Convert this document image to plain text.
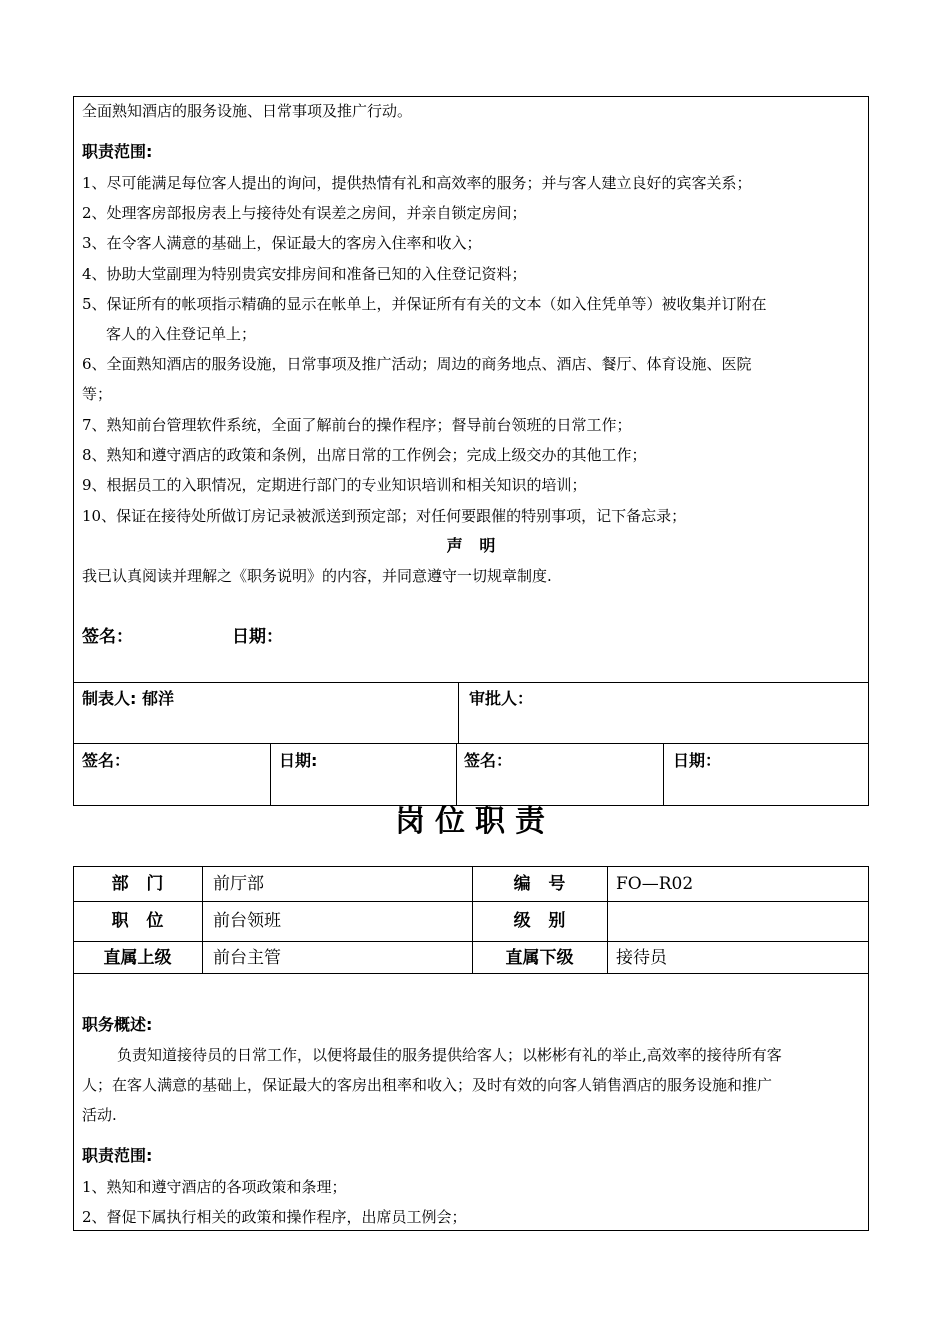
全面熟知酒店的服务设施、日常事项及推广行动。
职责范围:
1、尽可能满足每位客人提出的询问，提供热情有礼和高效率的服务；并与客人建立良好的宾客关系；
2、处理客房部报房表上与接待处有误差之房间，并亲自锁定房间；
3、在令客人满意的基础上，保证最大的客房入住率和收入；
4、协助大堂副理为特别贵宾安排房间和准备已知的入住登记资料；
5、保证所有的帐项指示精确的显示在帐单上，并保证所有有关的文本（如入住凭单等）被收集并订附在
客人的入住登记单上；
6、全面熟知酒店的服务设施，日常事项及推广活动；周边的商务地点、酒店、餐厅、体育设施、医院
等；
7、熟知前台管理软件系统，全面了解前台的操作程序；督导前台领班的日常工作；
8、熟知和遵守酒店的政策和条例，出席日常的工作例会；完成上级交办的其他工作；
9、根据员工的入职情况，定期进行部门的专业知识培训和相关知识的培训；
10、保证在接待处所做订房记录被派送到预定部；对任何要跟催的特别事项，记下备忘录；
声   明
我已认真阅读并理解之《职务说明》的内容，并同意遵守一切规章制度.
签名：	日期：
制表人: 郁洋	审批人：
签名：	日期:	签名：	日期：
岗位职责
部   门	前厅部	编   号	FO—R02
职   位	前台领班	级   别
直属上级	前台主管	直属下级	接待员
职务概述:
负责知道接待员的日常工作，以便将最佳的服务提供给客人；以彬彬有礼的举止,高效率的接待所有客
人；在客人满意的基础上，保证最大的客房出租率和收入；及时有效的向客人销售酒店的服务设施和推广
活动.
职责范围:
1、熟知和遵守酒店的各项政策和条理；
2、督促下属执行相关的政策和操作程序，出席员工例会；
